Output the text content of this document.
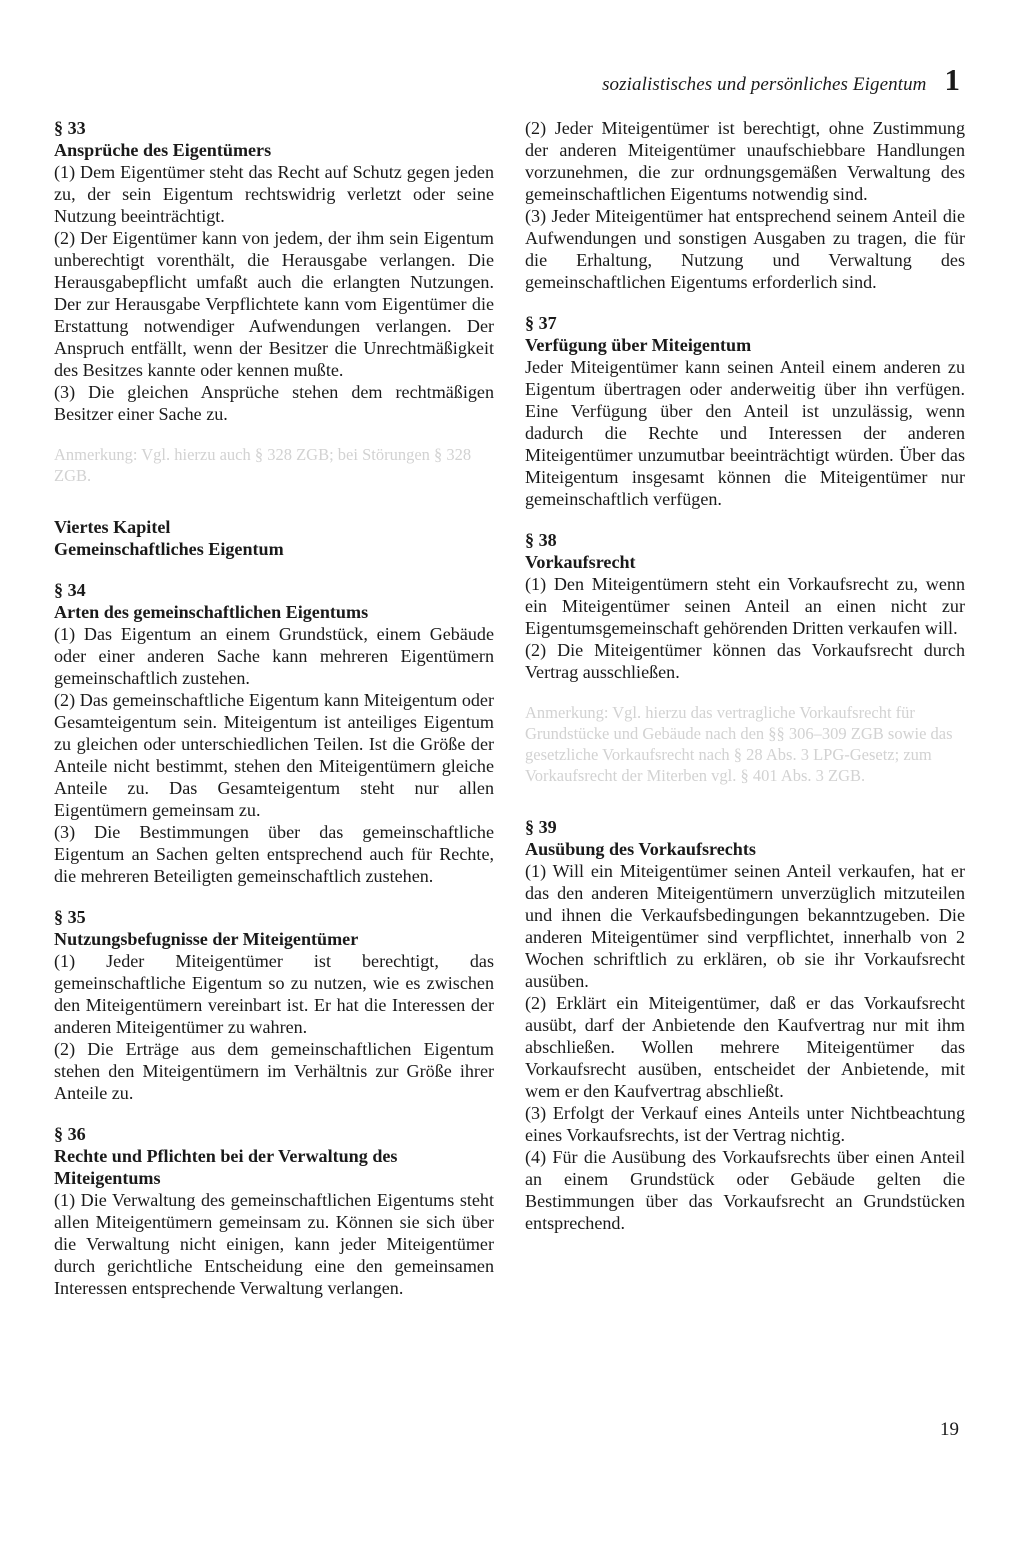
sozialistisches und persönliches Eigentum 1
§ 33
Ansprüche des Eigentümers
(1) Dem Eigentümer steht das Recht auf Schutz gegen jeden zu, der sein Eigentum rechtswidrig verletzt oder seine Nutzung beeinträchtigt.
(2) Der Eigentümer kann von jedem, der ihm sein Eigentum unberechtigt vorenthält, die Herausgabe verlangen. Die Herausgabepflicht umfaßt auch die erlangten Nutzungen. Der zur Herausgabe Verpflichtete kann vom Eigentümer die Erstattung notwendiger Aufwendungen verlangen. Der Anspruch entfällt, wenn der Besitzer die Unrechtmäßigkeit des Besitzes kannte oder kennen mußte.
(3) Die gleichen Ansprüche stehen dem rechtmäßigen Besitzer einer Sache zu.
Anmerkung: Vgl. hierzu auch § 328 ZGB; bei Störungen § 328 ZGB.
Viertes Kapitel
Gemeinschaftliches Eigentum
§ 34
Arten des gemeinschaftlichen Eigentums
(1) Das Eigentum an einem Grundstück, einem Gebäude oder einer anderen Sache kann mehreren Eigentümern gemeinschaftlich zustehen.
(2) Das gemeinschaftliche Eigentum kann Miteigentum oder Gesamteigentum sein. Miteigentum ist anteiliges Eigentum zu gleichen oder unterschiedlichen Teilen. Ist die Größe der Anteile nicht bestimmt, stehen den Miteigentümern gleiche Anteile zu. Das Gesamteigentum steht nur allen Eigentümern gemeinsam zu.
(3) Die Bestimmungen über das gemeinschaftliche Eigentum an Sachen gelten entsprechend auch für Rechte, die mehreren Beteiligten gemeinschaftlich zustehen.
§ 35
Nutzungsbefugnisse der Miteigentümer
(1) Jeder Miteigentümer ist berechtigt, das gemeinschaftliche Eigentum so zu nutzen, wie es zwischen den Miteigentümern vereinbart ist. Er hat die Interessen der anderen Miteigentümer zu wahren.
(2) Die Erträge aus dem gemeinschaftlichen Eigentum stehen den Miteigentümern im Verhältnis zur Größe ihrer Anteile zu.
§ 36
Rechte und Pflichten bei der Verwaltung des Miteigentums
(1) Die Verwaltung des gemeinschaftlichen Eigentums steht allen Miteigentümern gemeinsam zu. Können sie sich über die Verwaltung nicht einigen, kann jeder Miteigentümer durch gerichtliche Entscheidung eine den gemeinsamen Interessen entsprechende Verwaltung verlangen.
(2) Jeder Miteigentümer ist berechtigt, ohne Zustimmung der anderen Miteigentümer unaufschiebbare Handlungen vorzunehmen, die zur ordnungsgemäßen Verwaltung des gemeinschaftlichen Eigentums notwendig sind.
(3) Jeder Miteigentümer hat entsprechend seinem Anteil die Aufwendungen und sonstigen Ausgaben zu tragen, die für die Erhaltung, Nutzung und Verwaltung des gemeinschaftlichen Eigentums erforderlich sind.
§ 37
Verfügung über Miteigentum
Jeder Miteigentümer kann seinen Anteil einem anderen zu Eigentum übertragen oder anderweitig über ihn verfügen. Eine Verfügung über den Anteil ist unzulässig, wenn dadurch die Rechte und Interessen der anderen Miteigentümer unzumutbar beeinträchtigt würden. Über das Miteigentum insgesamt können die Miteigentümer nur gemeinschaftlich verfügen.
§ 38
Vorkaufsrecht
(1) Den Miteigentümern steht ein Vorkaufsrecht zu, wenn ein Miteigentümer seinen Anteil an einen nicht zur Eigentumsgemeinschaft gehörenden Dritten verkaufen will.
(2) Die Miteigentümer können das Vorkaufsrecht durch Vertrag ausschließen.
Anmerkung: Vgl. hierzu das vertragliche Vorkaufsrecht für Grundstücke und Gebäude nach den §§ 306–309 ZGB sowie das gesetzliche Vorkaufsrecht nach § 28 Abs. 3 LPG-Gesetz; zum Vorkaufsrecht der Miterben vgl. § 401 Abs. 3 ZGB.
§ 39
Ausübung des Vorkaufsrechts
(1) Will ein Miteigentümer seinen Anteil verkaufen, hat er das den anderen Miteigentümern unverzüglich mitzuteilen und ihnen die Verkaufsbedingungen bekanntzugeben. Die anderen Miteigentümer sind verpflichtet, innerhalb von 2 Wochen schriftlich zu erklären, ob sie ihr Vorkaufsrecht ausüben.
(2) Erklärt ein Miteigentümer, daß er das Vorkaufsrecht ausübt, darf der Anbietende den Kaufvertrag nur mit ihm abschließen. Wollen mehrere Miteigentümer das Vorkaufsrecht ausüben, entscheidet der Anbietende, mit wem er den Kaufvertrag abschließt.
(3) Erfolgt der Verkauf eines Anteils unter Nichtbeachtung eines Vorkaufsrechts, ist der Vertrag nichtig.
(4) Für die Ausübung des Vorkaufsrechts über einen Anteil an einem Grundstück oder Gebäude gelten die Bestimmungen über das Vorkaufsrecht an Grundstücken entsprechend.
19
